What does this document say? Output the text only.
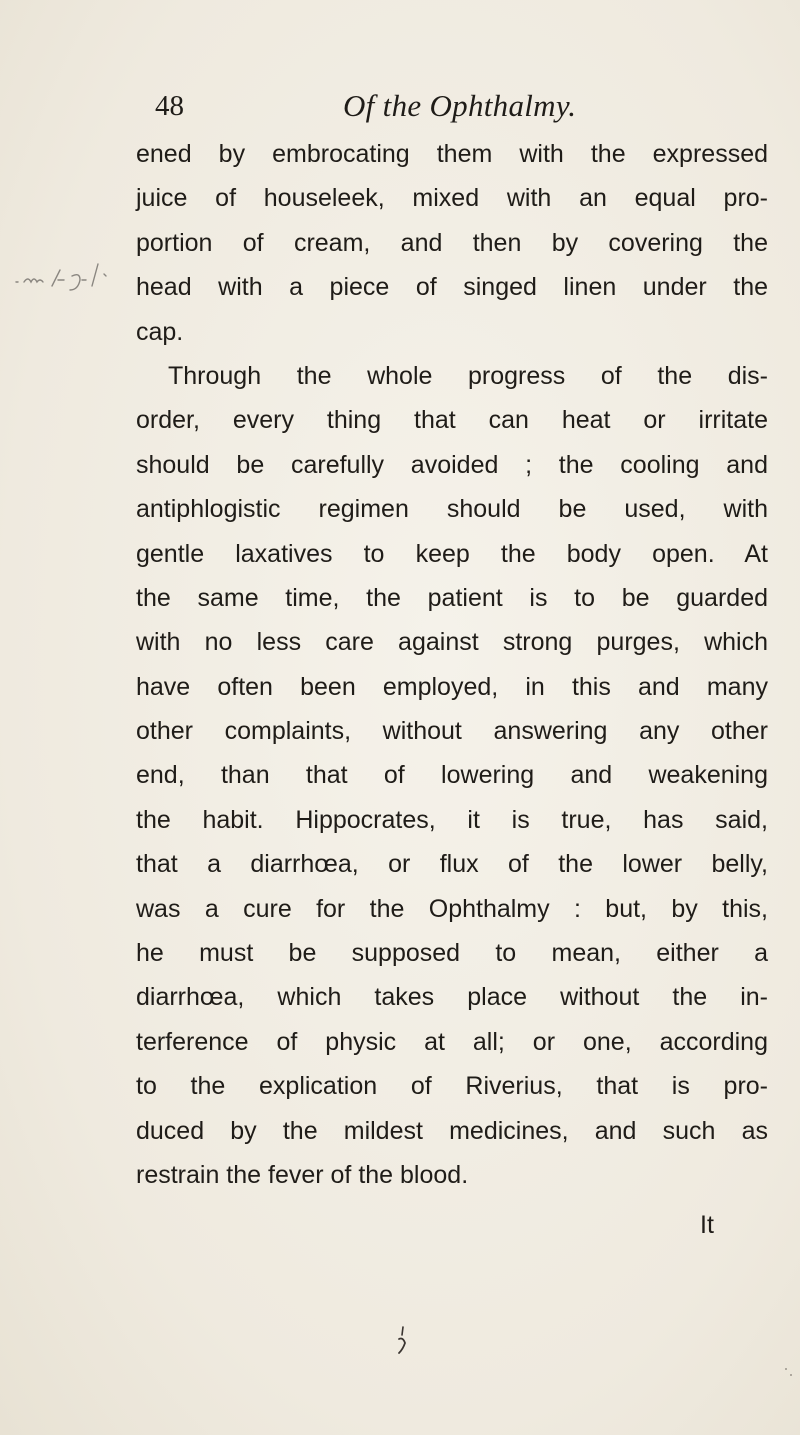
48	Of the Ophthalmy.
ened by embrocating them with the expressed
juice of houseleek, mixed with an equal pro-
portion of cream, and then by covering the
head with a piece of singed linen under the
cap.
Through the whole progress of the dis-
order, every thing that can heat or irritate
should be carefully avoided ; the cooling and
antiphlogistic regimen should be used, with
gentle laxatives to keep the body open. At
the same time, the patient is to be guarded
with no less care against strong purges, which
have often been employed, in this and many
other complaints, without answering any other
end, than that of lowering and weakening
the habit. Hippocrates, it is true, has said,
that a diarrhœa, or flux of the lower belly,
was a cure for the Ophthalmy : but, by this,
he must be supposed to mean, either a
diarrhœa, which takes place without the in-
terference of physic at all; or one, according
to the explication of Riverius, that is pro-
duced by the mildest medicines, and such as
restrain the fever of the blood.
It
